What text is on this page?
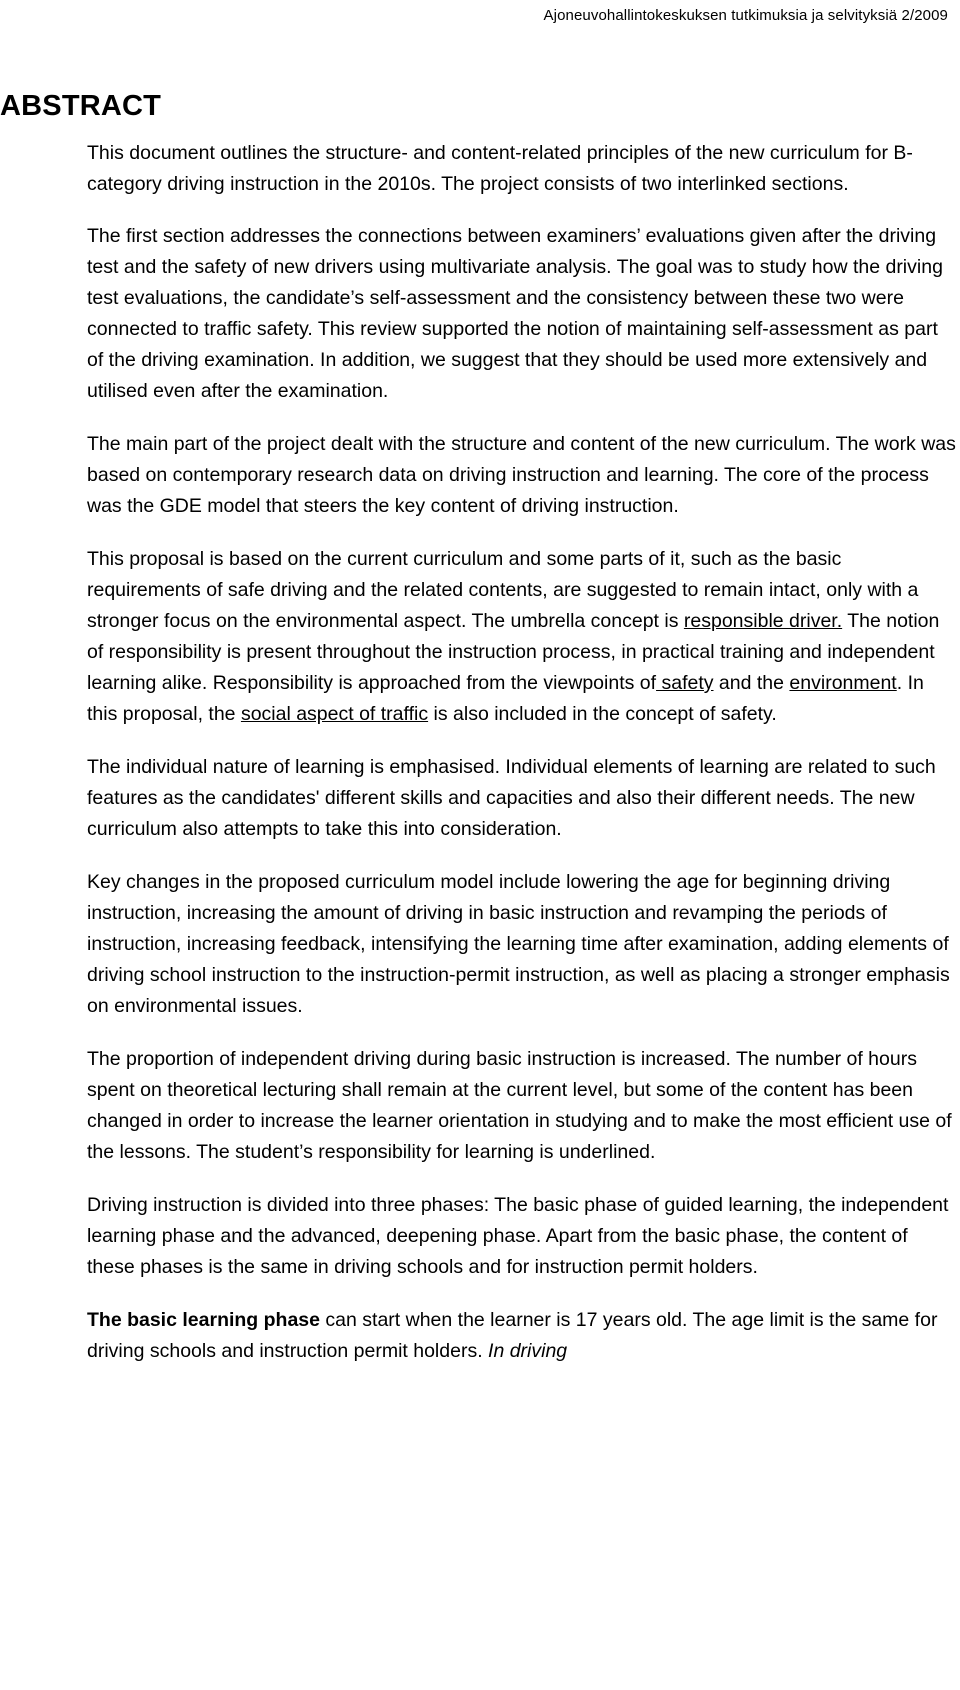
Ajoneuvohallintokeskuksen tutkimuksia ja selvityksiä 2/2009
ABSTRACT

This document outlines the structure- and content-related principles of the new curriculum for B-category driving instruction in the 2010s. The project consists of two interlinked sections.

The first section addresses the connections between examiners’ evaluations given after the driving test and the safety of new drivers using multivariate analysis. The goal was to study how the driving test evaluations, the candidate’s self-assessment and the consistency between these two were connected to traffic safety. This review supported the notion of maintaining self-assessment as part of the driving examination. In addition, we suggest that they should be used more extensively and utilised even after the examination.

The main part of the project dealt with the structure and content of the new curriculum. The work was based on contemporary research data on driving instruction and learning. The core of the process was the GDE model that steers the key content of driving instruction.

This proposal is based on the current curriculum and some parts of it, such as the basic requirements of safe driving and the related contents, are suggested to remain intact, only with a stronger focus on the environmental aspect. The umbrella concept is responsible driver. The notion of responsibility is present throughout the instruction process, in practical training and independent learning alike. Responsibility is approached from the viewpoints of safety and the environment. In this proposal, the social aspect of traffic is also included in the concept of safety.

The individual nature of learning is emphasised. Individual elements of learning are related to such features as the candidates' different skills and capacities and also their different needs. The new curriculum also attempts to take this into consideration.

Key changes in the proposed curriculum model include lowering the age for beginning driving instruction, increasing the amount of driving in basic instruction and revamping the periods of instruction, increasing feedback, intensifying the learning time after examination, adding elements of driving school instruction to the instruction-permit instruction, as well as placing a stronger emphasis on environmental issues.

The proportion of independent driving during basic instruction is increased. The number of hours spent on theoretical lecturing shall remain at the current level, but some of the content has been changed in order to increase the learner orientation in studying and to make the most efficient use of the lessons. The student’s responsibility for learning is underlined.

Driving instruction is divided into three phases: The basic phase of guided learning, the independent learning phase and the advanced, deepening phase. Apart from the basic phase, the content of these phases is the same in driving schools and for instruction permit holders.

The basic learning phase can start when the learner is 17 years old. The age limit is the same for driving schools and instruction permit holders. In driving
